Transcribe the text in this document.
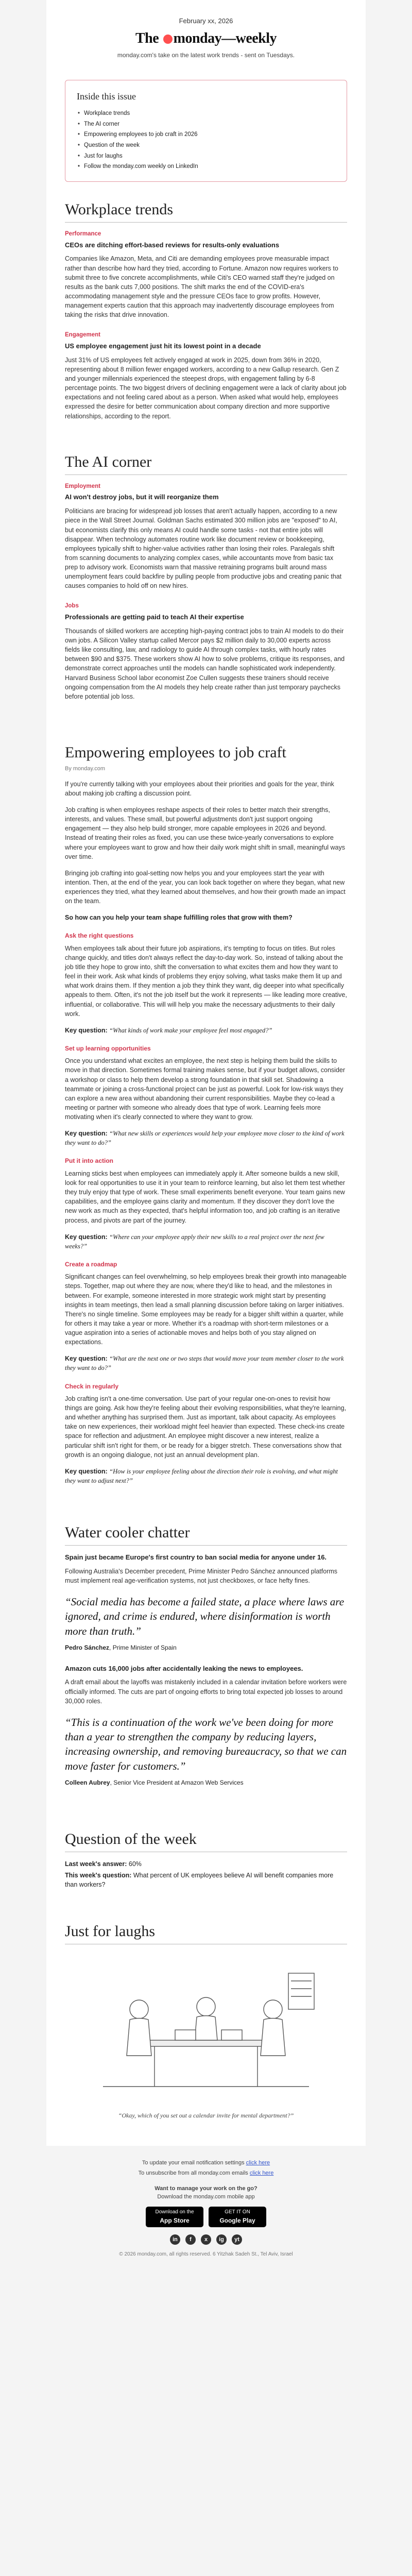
February xx, 2026
The monday—weekly
monday.com's take on the latest work trends - sent on Tuesdays.
Inside this issue
• Workplace trends
• The AI corner
• Empowering employees to job craft in 2026
• Question of the week
• Just for laughs
• Follow the monday.com weekly on LinkedIn
Workplace trends
Performance
CEOs are ditching effort-based reviews for results-only evaluations

Companies like Amazon, Meta, and Citi are demanding employees prove measurable impact rather than describe how hard they tried, according to Fortune. Amazon now requires workers to submit three to five concrete accomplishments, while Citi's CEO warned staff they're judged on results as the bank cuts 7,000 positions. The shift marks the end of the COVID-era's accommodating management style and the pressure CEOs face to grow profits. However, management experts caution that this approach may inadvertently discourage employees from taking the risks that drive innovation.

Engagement
US employee engagement just hit its lowest point in a decade

Just 31% of US employees felt actively engaged at work in 2025, down from 36% in 2020, representing about 8 million fewer engaged workers, according to a new Gallup research. Gen Z and younger millennials experienced the steepest drops, with engagement falling by 6-8 percentage points. The two biggest drivers of declining engagement were a lack of clarity about job expectations and not feeling cared about as a person. When asked what would help, employees expressed the desire for better communication about company direction and more supportive relationships, according to the report.

The AI corner
Employment
AI won't destroy jobs, but it will reorganize them

Politicians are bracing for widespread job losses that aren't actually happen, according to a new piece in the Wall Street Journal. Goldman Sachs estimated 300 million jobs are "exposed" to AI, but economists clarify this only means AI could handle some tasks - not that entire jobs will disappear. When technology automates routine work like document review or bookkeeping, employees typically shift to higher-value activities rather than losing their roles. Paralegals shift from scanning documents to analyzing complex cases, while accountants move from basic tax prep to advisory work. Economists warn that massive retraining programs built around mass unemployment fears could backfire by pulling people from productive jobs and creating panic that causes companies to hold off on new hires.

Jobs
Professionals are getting paid to teach AI their expertise

Thousands of skilled workers are accepting high-paying contract jobs to train AI models to do their own jobs. A Silicon Valley startup called Mercor pays $2 million daily to 30,000 experts across fields like consulting, law, and radiology to guide AI through complex tasks, with hourly rates between $90 and $375. These workers show AI how to solve problems, critique its responses, and demonstrate correct approaches until the models can handle sophisticated work independently. Harvard Business School labor economist Zoe Cullen suggests these trainers should receive ongoing compensation from the AI models they help create rather than just temporary paychecks before potential job loss.

Empowering employees to job craft
By monday.com

If you're currently talking with your employees about their priorities and goals for the year, think about making job crafting a discussion point.

Job crafting is when employees reshape aspects of their roles to better match their strengths, interests, and values. These small, but powerful adjustments don't just support ongoing engagement — they also help build stronger, more capable employees in 2026 and beyond. Instead of treating their roles as fixed, you can use these twice-yearly conversations to explore where your employees want to grow and how their daily work might shift in small, meaningful ways over time.

Bringing job crafting into goal-setting now helps you and your employees start the year with intention. Then, at the end of the year, you can look back together on where they began, what new experiences they tried, what they learned about themselves, and how their growth made an impact on the team.

So how can you help your team shape fulfilling roles that grow with them?
Ask the right questions

When employees talk about their future job aspirations, it's tempting to focus on titles. But roles change quickly, and titles don't always reflect the day-to-day work. So, instead of talking about the job title they hope to grow into, shift the conversation to what excites them and how they want to feel in their work. Ask what kinds of problems they enjoy solving, what tasks make them lit up and what work drains them. If they mention a job they think they want, dig deeper into what specifically appeals to them. Often, it's not the job itself but the work it represents — like leading more creative, influential, or collaborative. This will will help you make the necessary adjustments to their daily work.

Key question: “What kinds of work make your employee feel most engaged?”
Set up learning opportunities

Once you understand what excites an employee, the next step is helping them build the skills to move in that direction. Sometimes formal training makes sense, but if your budget allows, consider a workshop or class to help them develop a strong foundation in that skill set. Shadowing a teammate or joining a cross-functional project can be just as powerful. Look for low-risk ways they can explore a new area without abandoning their current responsibilities. Maybe they co-lead a meeting or partner with someone who already does that type of work. Learning feels more motivating when it's clearly connected to where they want to grow.

Key question: “What new skills or experiences would help your employee move closer to the kind of work they want to do?”
Put it into action

Learning sticks best when employees can immediately apply it. After someone builds a new skill, look for real opportunities to use it in your team to reinforce learning, but also let them test whether they truly enjoy that type of work. These small experiments benefit everyone. Your team gains new capabilities, and the employee gains clarity and momentum. If they discover they don't love the new work as much as they expected, that's helpful information too, and job crafting is an iterative process, and pivots are part of the journey.

Key question: “Where can your employee apply their new skills to a real project over the next few weeks?”
Create a roadmap

Significant changes can feel overwhelming, so help employees break their growth into manageable steps. Together, map out where they are now, where they'd like to head, and the milestones in between. For example, someone interested in more strategic work might start by presenting insights in team meetings, then lead a small planning discussion before taking on larger initiatives. There's no single timeline. Some employees may be ready for a bigger shift within a quarter, while for others it may take a year or more. Whether it's a roadmap with short-term milestones or a vague aspiration into a series of actionable moves and helps both of you stay aligned on expectations.

Key question: “What are the next one or two steps that would move your team member closer to the work they want to do?”
Check in regularly

Job crafting isn't a one-time conversation. Use part of your regular one-on-ones to revisit how things are going. Ask how they're feeling about their evolving responsibilities, what they're learning, and whether anything has surprised them. Just as important, talk about capacity. As employees take on new experiences, their workload might feel heavier than expected. These check-ins create space for reflection and adjustment. An employee might discover a new interest, realize a particular shift isn't right for them, or be ready for a bigger stretch. These conversations show that growth is an ongoing dialogue, not just an annual development plan.

Key question: “How is your employee feeling about the direction their role is evolving, and what might they want to adjust next?”
Water cooler chatter
Spain just became Europe's first country to ban social media for anyone under 16.

Following Australia's December precedent, Prime Minister Pedro Sánchez announced platforms must implement real age-verification systems, not just checkboxes, or face hefty fines.

“Social media has become a failed state, a place where laws are ignored, and crime is endured, where disinformation is worth more than truth.”
Pedro Sánchez, Prime Minister of Spain
Amazon cuts 16,000 jobs after accidentally leaking the news to employees.

A draft email about the layoffs was mistakenly included in a calendar invitation before workers were officially informed. The cuts are part of ongoing efforts to bring total expected job losses to around 30,000 roles.

“This is a continuation of the work we've been doing for more than a year to strengthen the company by reducing layers, increasing ownership, and removing bureaucracy, so that we can move faster for customers.”
Colleen Aubrey, Senior Vice President at Amazon Web Services
Question of the week

Last week's answer: 60%

This week's question: What percent of UK employees believe AI will benefit companies more than workers?

Just for laughs
“Okay, which of you set out a calendar invite for mental department?”
To update your email notification settings click here
To unsubscribe from all monday.com emails click here
Want to manage your work on the go?
Download the monday.com mobile app
Download on the
App Store
GET IT ON
Google Play
in	f	x	ig	yt
© 2026 monday.com, all rights reserved. 6 Yitzhak Sadeh St., Tel Aviv, Israel
